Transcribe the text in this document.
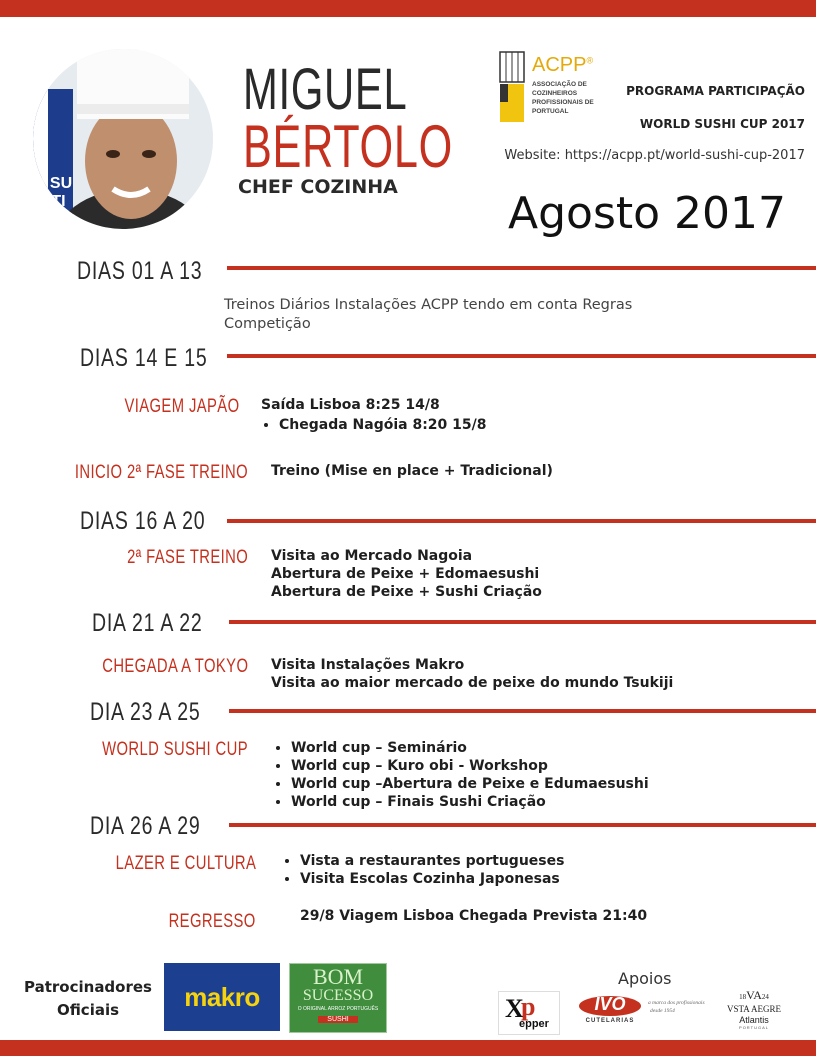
I SU
ATI
MIGUEL
BÉRTOLO
CHEF COZINHA
ACPP®
ASSOCIAÇÃO DE
COZINHEIROS
PROFISSIONAIS DE
PORTUGAL
PROGRAMA PARTICIPAÇÃO
WORLD SUSHI CUP 2017
Website: https://acpp.pt/world-sushi-cup-2017
Agosto 2017
DIAS 01 A 13
Treinos Diários Instalações ACPP tendo em conta Regras Competição
DIAS 14 E 15
VIAGEM JAPÃO Saída Lisboa 8:25 14/8
• Chegada Nagóia 8:20 15/8
INICIO 2ª FASE TREINO Treino (Mise en place + Tradicional)
DIAS 16 A 20
2ª FASE TREINO Visita ao Mercado Nagoia
Abertura de Peixe + Edomaesushi
Abertura de Peixe + Sushi Criação
DIA 21 A 22
CHEGADA A TOKYO Visita Instalações Makro
Visita ao maior mercado de peixe do mundo Tsukiji
DIA 23 A 25
WORLD SUSHI CUP	• World cup – Seminário
• World cup – Kuro obi - Workshop
• World cup –Abertura de Peixe e Edumaesushi
• World cup – Finais Sushi Criação
DIA 26 A 29
LAZER E CULTURA	• Vista a restaurantes portugueses
• Visita Escolas Cozinha Japonesas
REGRESSO	29/8 Viagem Lisboa Chegada Prevista 21:40
Patrocinadores Oficiais	makro
BOM
SUCESSO
O ORIGINAL ARROZ PORTUGUÊS
SUSHI
Apoios
X
p
epper
IVO
CUTELARIAS
a marca dos profissionais
desde 1954
18VA24
VSTA AEGRE
Atlantis
PORTUGAL
